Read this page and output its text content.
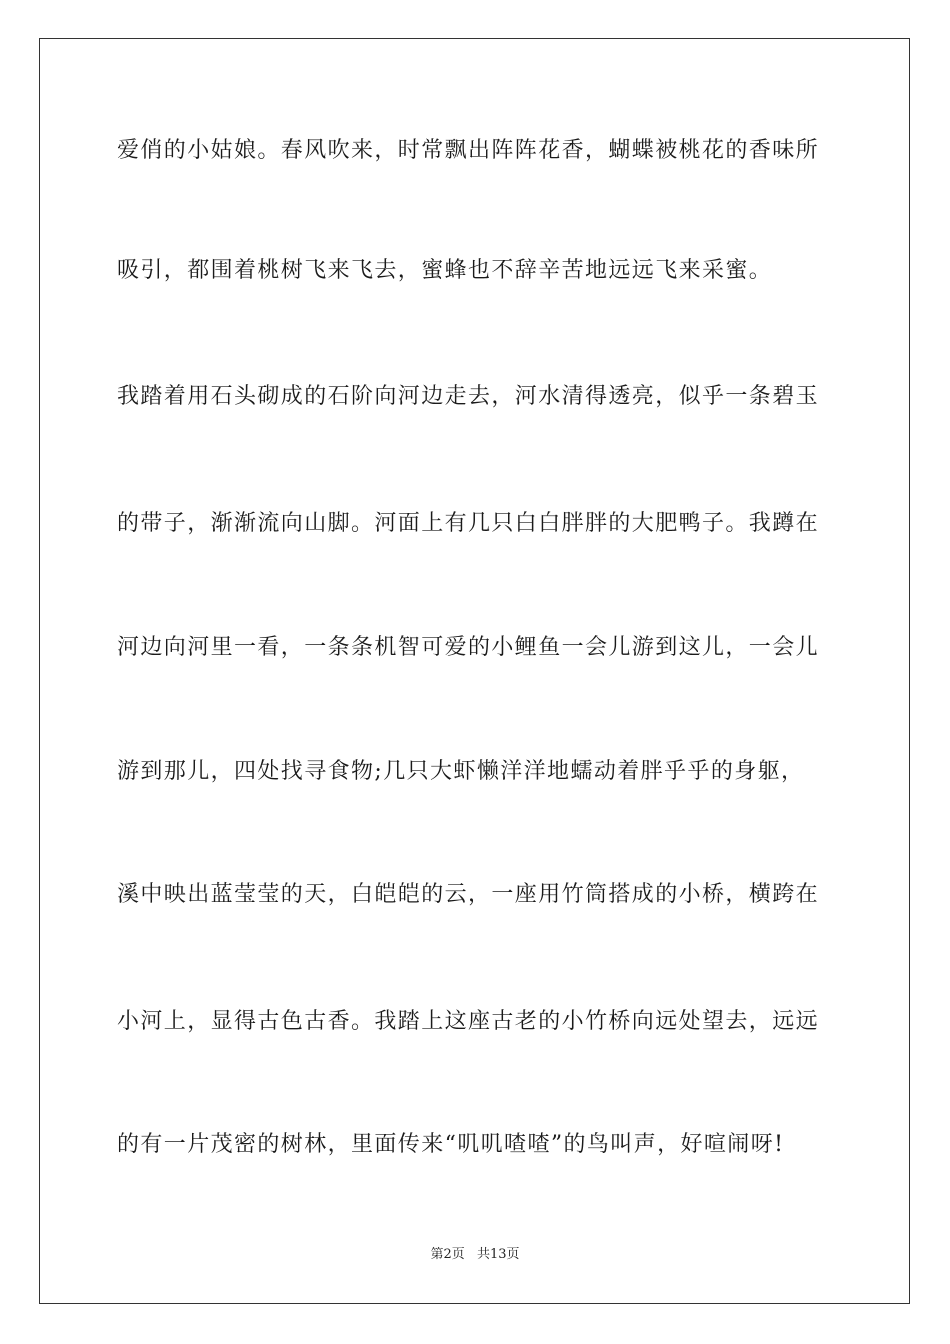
爱俏的小姑娘。春风吹来，时常飘出阵阵花香，蝴蝶被桃花的香味所
吸引，都围着桃树飞来飞去，蜜蜂也不辞辛苦地远远飞来采蜜。
我踏着用石头砌成的石阶向河边走去，河水清得透亮，似乎一条碧玉
的带子，渐渐流向山脚。河面上有几只白白胖胖的大肥鸭子。我蹲在
河边向河里一看，一条条机智可爱的小鲤鱼一会儿游到这儿，一会儿
游到那儿，四处找寻食物;几只大虾懒洋洋地蠕动着胖乎乎的身躯，
溪中映出蓝莹莹的天，白皑皑的云，一座用竹筒搭成的小桥，横跨在
小河上，显得古色古香。我踏上这座古老的小竹桥向远处望去，远远
的有一片茂密的树林，里面传来“叽叽喳喳”的鸟叫声，好喧闹呀!
第2页 共13页
